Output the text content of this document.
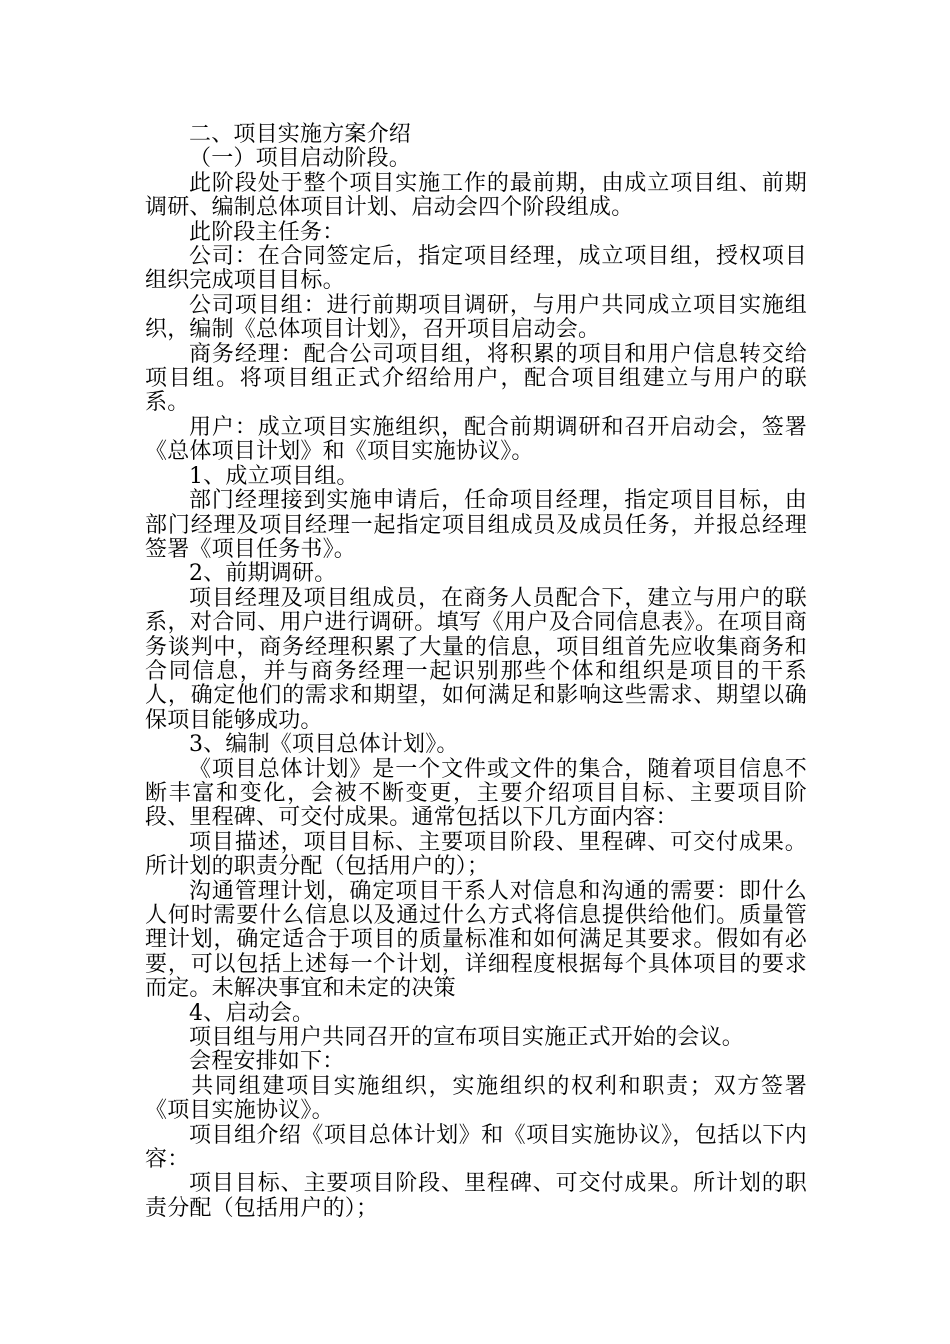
二、项目实施方案介绍

（一）项目启动阶段。

此阶段处于整个项目实施工作的最前期，由成立项目组、前期调研、编制总体项目计划、启动会四个阶段组成。

此阶段主任务：

公司：在合同签定后，指定项目经理，成立项目组，授权项目组织完成项目目标。

公司项目组：进行前期项目调研，与用户共同成立项目实施组织，编制《总体项目计划》，召开项目启动会。

商务经理：配合公司项目组，将积累的项目和用户信息转交给项目组。将项目组正式介绍给用户，配合项目组建立与用户的联系。

用户：成立项目实施组织，配合前期调研和召开启动会，签署《总体项目计划》和《项目实施协议》。

1、成立项目组。

部门经理接到实施申请后，任命项目经理，指定项目目标，由部门经理及项目经理一起指定项目组成员及成员任务，并报总经理签署《项目任务书》。

2、前期调研。

项目经理及项目组成员，在商务人员配合下，建立与用户的联系，对合同、用户进行调研。填写《用户及合同信息表》。在项目商务谈判中，商务经理积累了大量的信息，项目组首先应收集商务和合同信息，并与商务经理一起识别那些个体和组织是项目的干系人，确定他们的需求和期望，如何满足和影响这些需求、期望以确保项目能够成功。

3、编制《项目总体计划》。

《项目总体计划》是一个文件或文件的集合，随着项目信息不断丰富和变化，会被不断变更，主要介绍项目目标、主要项目阶段、里程碑、可交付成果。通常包括以下几方面内容：

项目描述，项目目标、主要项目阶段、里程碑、可交付成果。所计划的职责分配（包括用户的）；

沟通管理计划，确定项目干系人对信息和沟通的需要：即什么人何时需要什么信息以及通过什么方式将信息提供给他们。质量管理计划，确定适合于项目的质量标准和如何满足其要求。假如有必要，可以包括上述每一个计划，详细程度根据每个具体项目的要求而定。未解决事宜和未定的决策

4、启动会。

项目组与用户共同召开的宣布项目实施正式开始的会议。

会程安排如下：

共同组建项目实施组织，实施组织的权利和职责；双方签署《项目实施协议》。

项目组介绍《项目总体计划》和《项目实施协议》，包括以下内容：

项目目标、主要项目阶段、里程碑、可交付成果。所计划的职责分配（包括用户的）；
